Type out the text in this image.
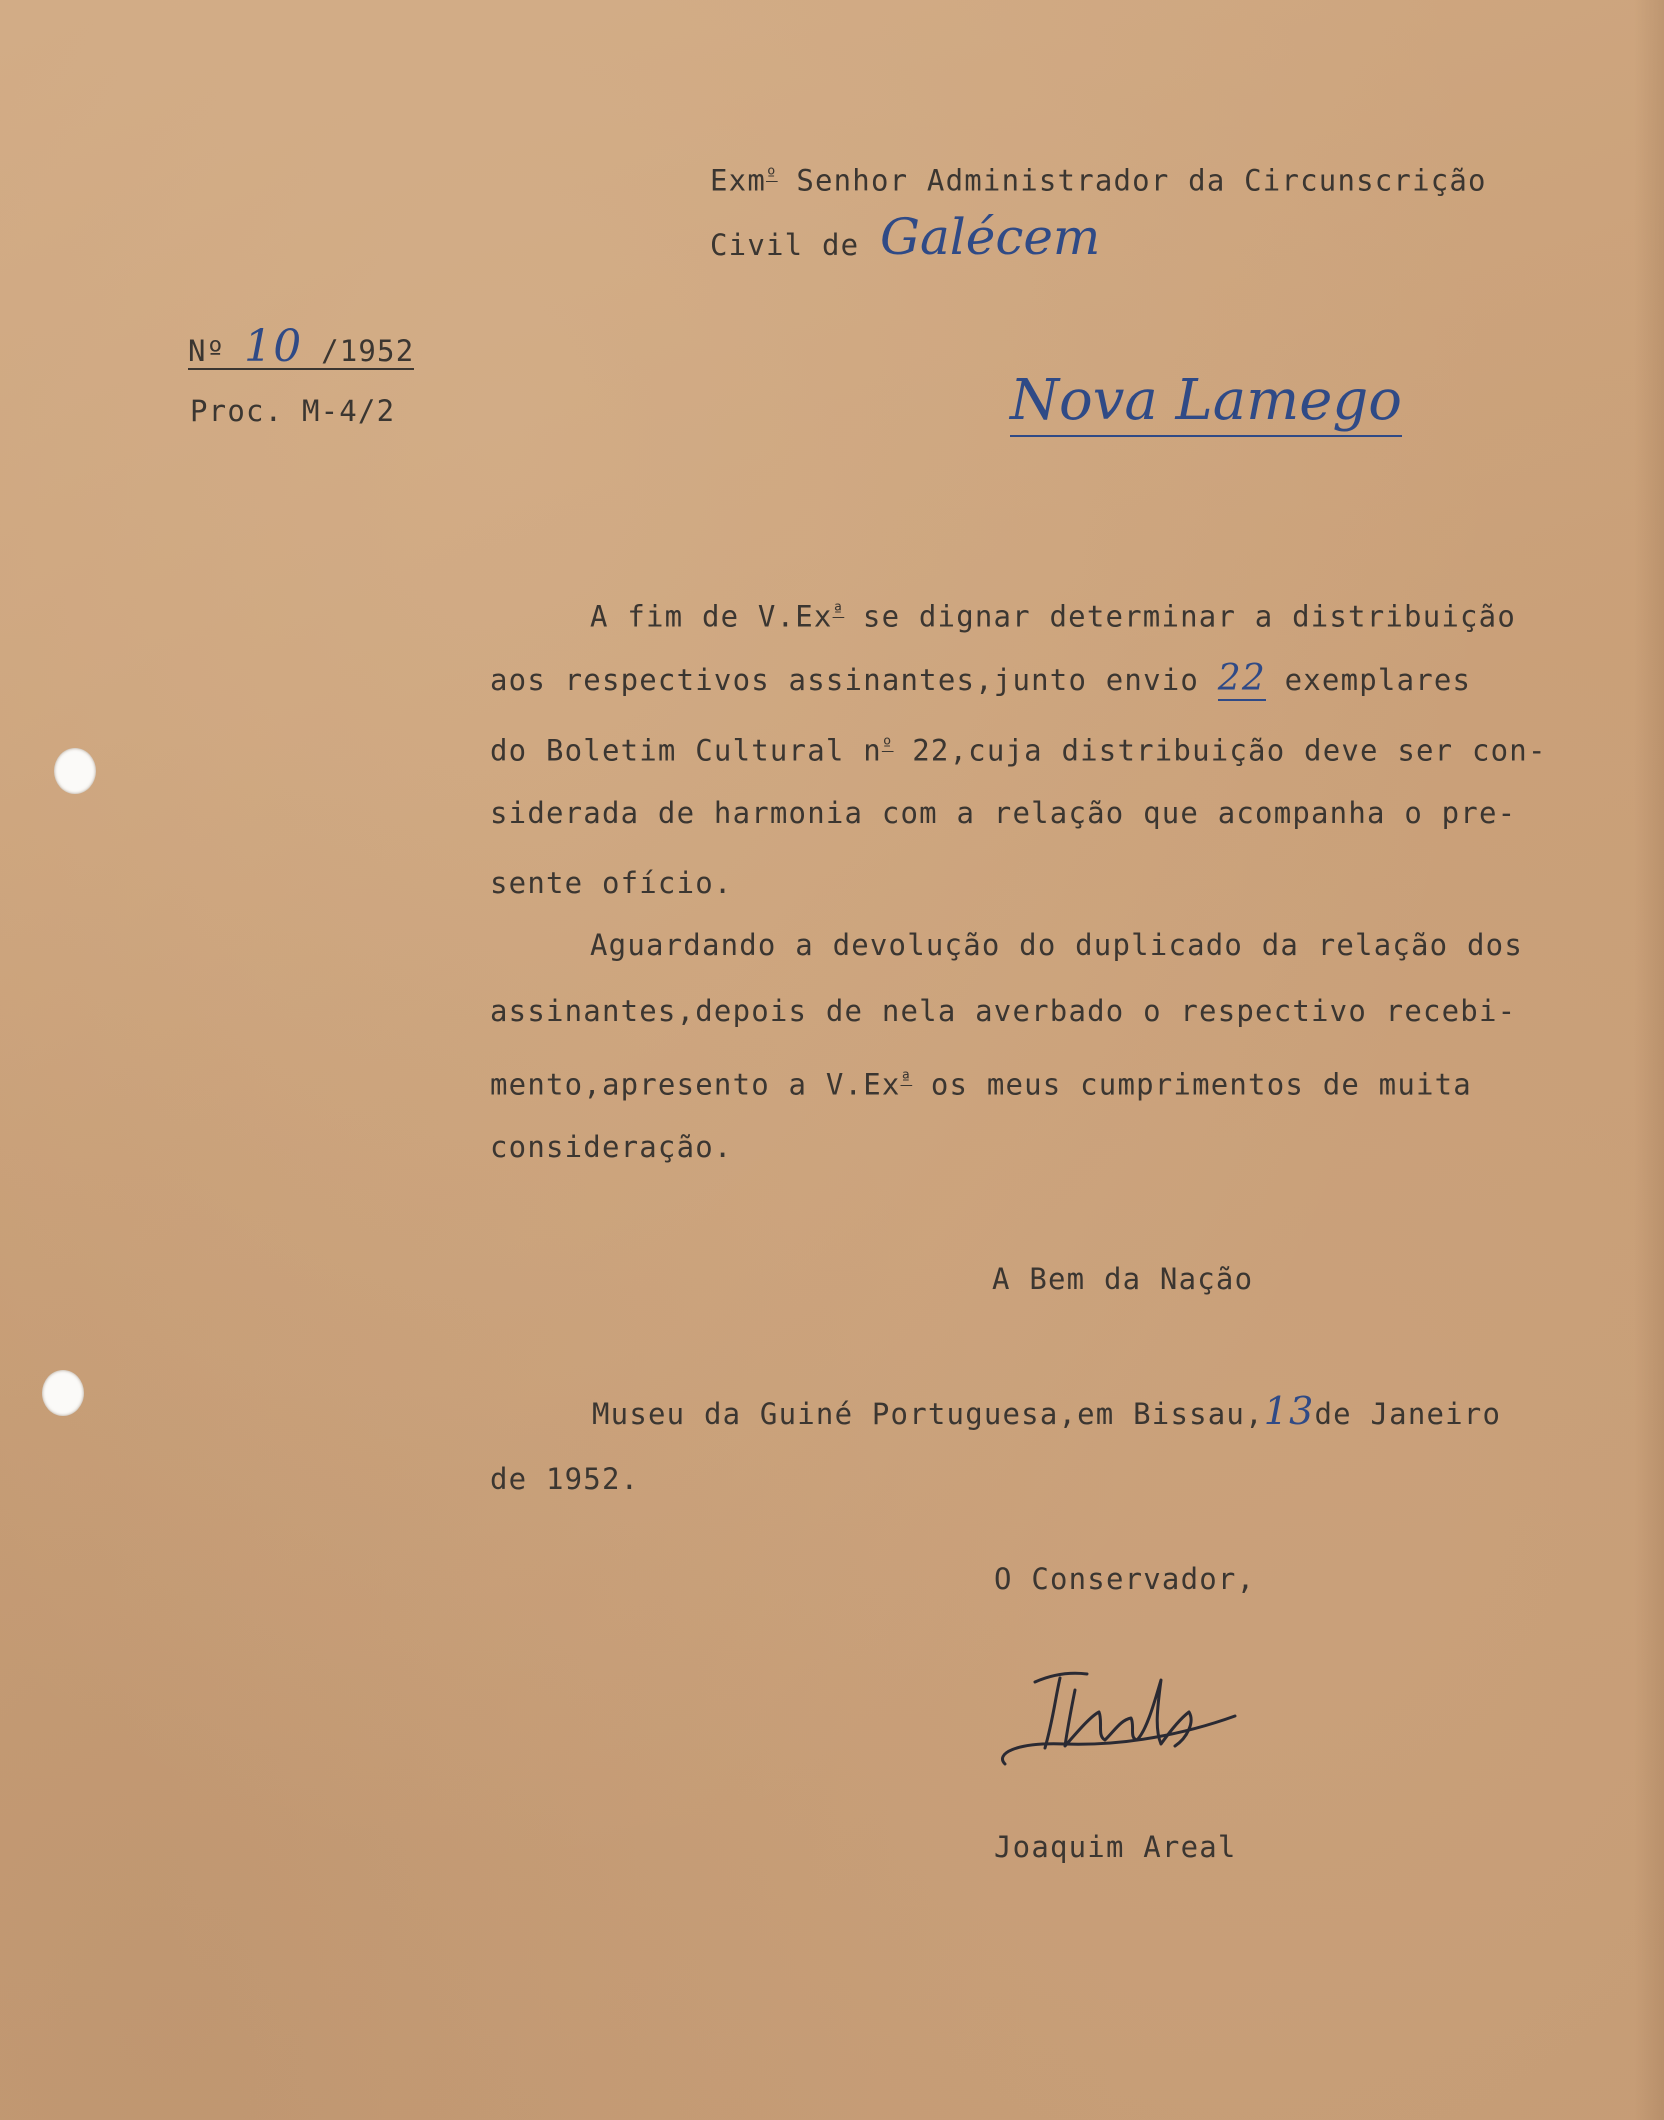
Exm$^º$ Senhor Administrador da Circunscrição
Civil de Galécem
Nova Lamego
Nº 10 /1952
Proc. M-4/2
A fim de $V.Ex^ª$ se dignar determinar a distribuição
aos respectivos assinantes,junto envio 22 exemplares
do Boletim Cultural $n^º$ 22,cuja distribuição deve ser con-
siderada de harmonia com a relação que acompanha o pre-
sente ofício.
Aguardando a devolução do duplicado da relação dos
assinantes,depois de nela averbado o respectivo recebi-
mento,apresento a $V.Ex^ª$ os meus cumprimentos de muita
consideração.
A Bem da Nação
Museu da Guiné Portuguesa,em Bissau,13de Janeiro
de 1952.
O Conservador,
Joaquim Areal
